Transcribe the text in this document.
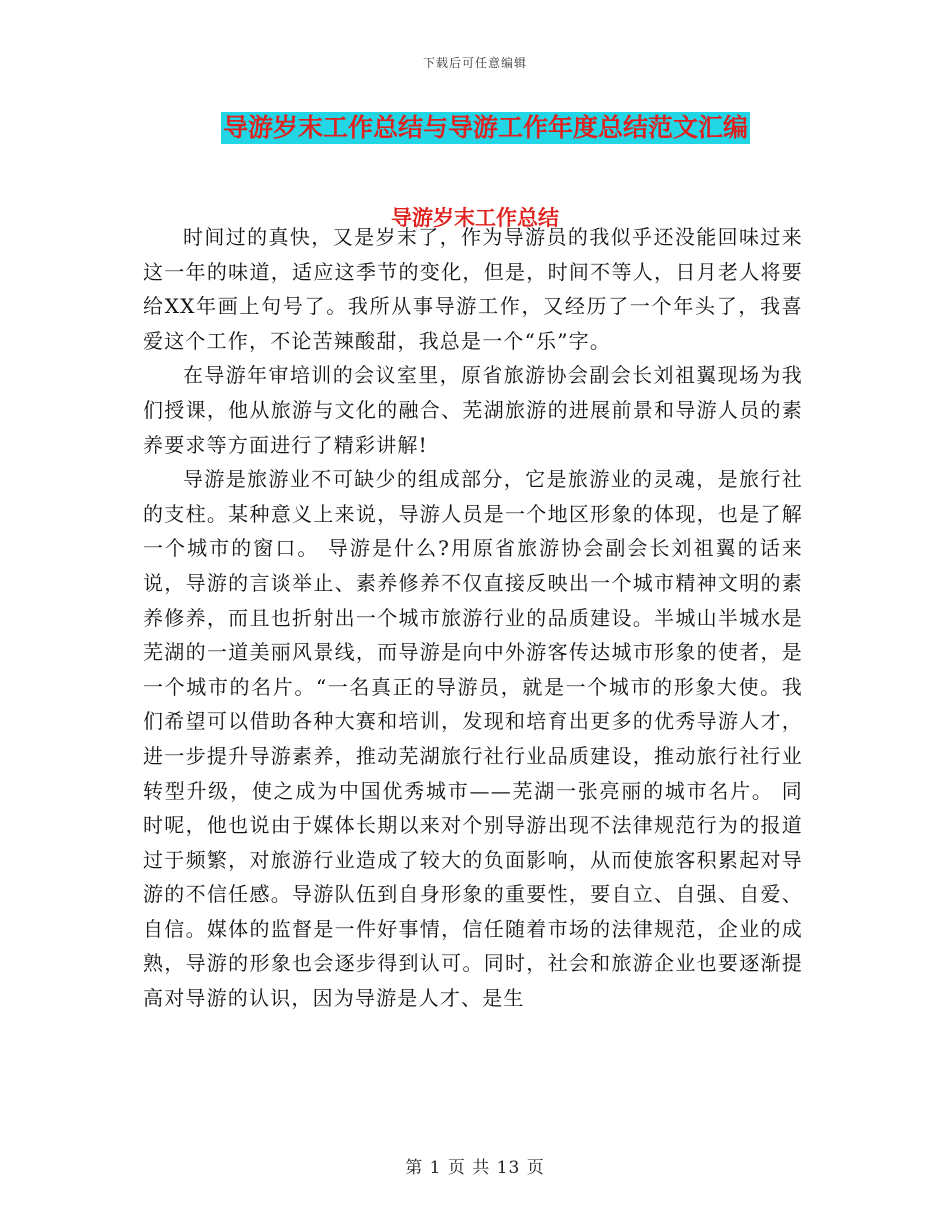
下载后可任意编辑
导游岁末工作总结与导游工作年度总结范文汇编
导游岁末工作总结

时间过的真快，又是岁末了，作为导游员的我似乎还没能回味过来这一年的味道，适应这季节的变化，但是，时间不等人，日月老人将要给XX年画上句号了。我所从事导游工作，又经历了一个年头了，我喜爱这个工作，不论苦辣酸甜，我总是一个“乐”字。

在导游年审培训的会议室里，原省旅游协会副会长刘祖翼现场为我们授课，他从旅游与文化的融合、芜湖旅游的进展前景和导游人员的素养要求等方面进行了精彩讲解!

导游是旅游业不可缺少的组成部分，它是旅游业的灵魂，是旅行社的支柱。某种意义上来说，导游人员是一个地区形象的体现，也是了解一个城市的窗口。 导游是什么?用原省旅游协会副会长刘祖翼的话来说，导游的言谈举止、素养修养不仅直接反映出一个城市精神文明的素养修养，而且也折射出一个城市旅游行业的品质建设。半城山半城水是芜湖的一道美丽风景线，而导游是向中外游客传达城市形象的使者，是一个城市的名片。“一名真正的导游员，就是一个城市的形象大使。我们希望可以借助各种大赛和培训，发现和培育出更多的优秀导游人才，进一步提升导游素养，推动芜湖旅行社行业品质建设，推动旅行社行业转型升级，使之成为中国优秀城市——芜湖一张亮丽的城市名片。 同时呢，他也说由于媒体长期以来对个别导游出现不法律规范行为的报道过于频繁，对旅游行业造成了较大的负面影响，从而使旅客积累起对导游的不信任感。导游队伍到自身形象的重要性，要自立、自强、自爱、自信。媒体的监督是一件好事情，信任随着市场的法律规范，企业的成熟，导游的形象也会逐步得到认可。同时，社会和旅游企业也要逐渐提高对导游的认识，因为导游是人才、是生

第 1 页 共 13 页
